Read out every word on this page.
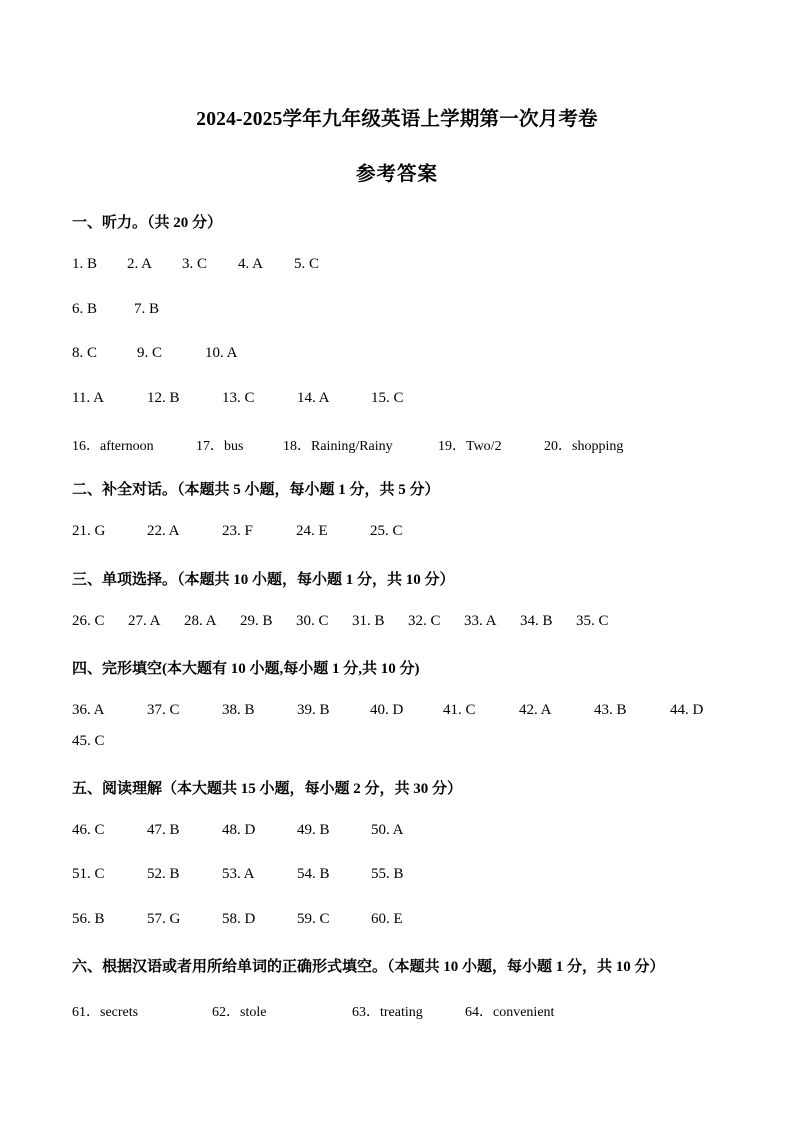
2024-2025学年九年级英语上学期第一次月考卷
参考答案
一、听力。（共 20 分）
1. B 2. A 3. C 4. A 5. C
6. B 7. B
8. C	9. C	10. A
11. A	12. B	13. C	14. A	15. C
16．afternoon	17．bus	18．Raining/Rainy	19．Two/2	20．shopping
二、补全对话。（本题共 5 小题，每小题 1 分，共 5 分）
21. G	22. A	23. F	24. E	25. C
三、单项选择。（本题共 10 小题，每小题 1 分，共 10 分）
26. C 27. A 28. A 29. B 30. C 31. B 32. C 33. A 34. B 35. C
四、完形填空(本大题有 10 小题,每小题 1 分,共 10 分)
36. A	37. C	38. B	39. B	40. D	41. C	42. A	43. B	44. D
45. C
五、阅读理解（本大题共 15 小题，每小题 2 分，共 30 分）
46. C	47. B	48. D	49. B	50. A
51. C	52. B	53. A	54. B	55. B
56. B	57. G	58. D	59. C	60. E
六、根据汉语或者用所给单词的正确形式填空。（本题共 10 小题，每小题 1 分，共 10 分）
61．secrets	62．stole	63．treating	64．convenient
